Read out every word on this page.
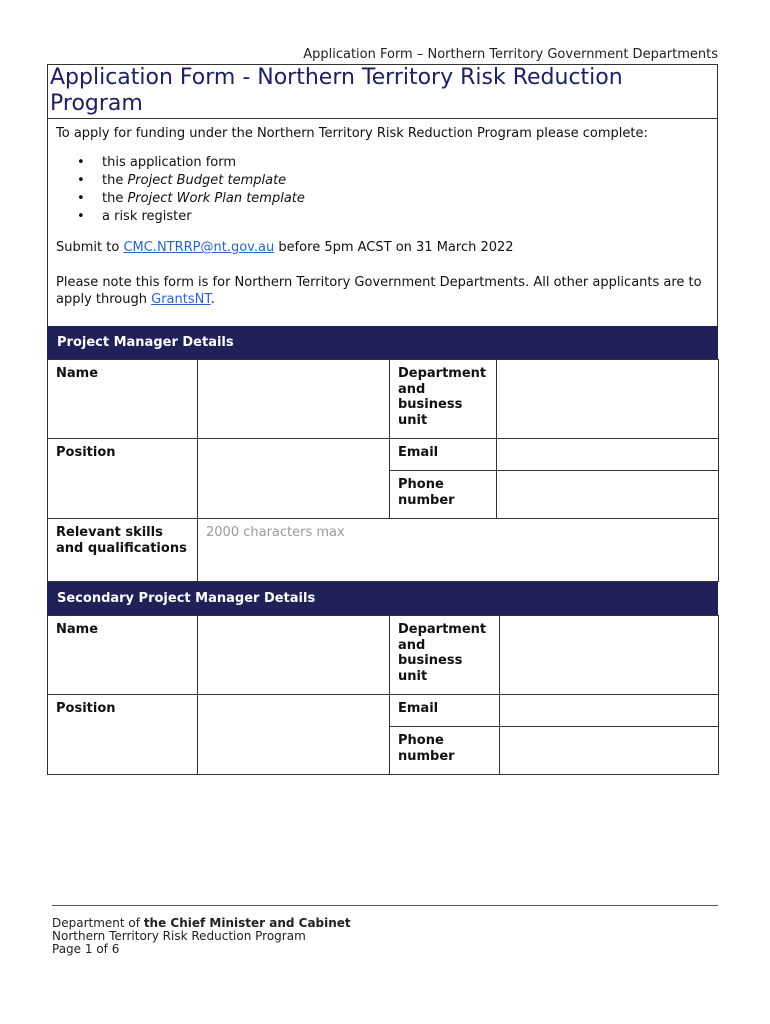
Application Form – Northern Territory Government Departments
Application Form - Northern Territory Risk Reduction Program

To apply for funding under the Northern Territory Risk Reduction Program please complete:

• this application form
• the Project Budget template
• the Project Work Plan template
• a risk register

Submit to CMC.NTRRP@nt.gov.au before 5pm ACST on 31 March 2022

Please note this form is for Northern Territory Government Departments. All other applicants are to apply through GrantsNT.

Project Manager Details
Name		Department and business unit	
Position		Email	
		Phone number	
Relevant skills and qualifications	2000 characters max		
Secondary Project Manager Details
Name		Department and business unit	
Position		Email	
		Phone number	
Department of the Chief Minister and Cabinet
Northern Territory Risk Reduction Program
Page 1 of 6
